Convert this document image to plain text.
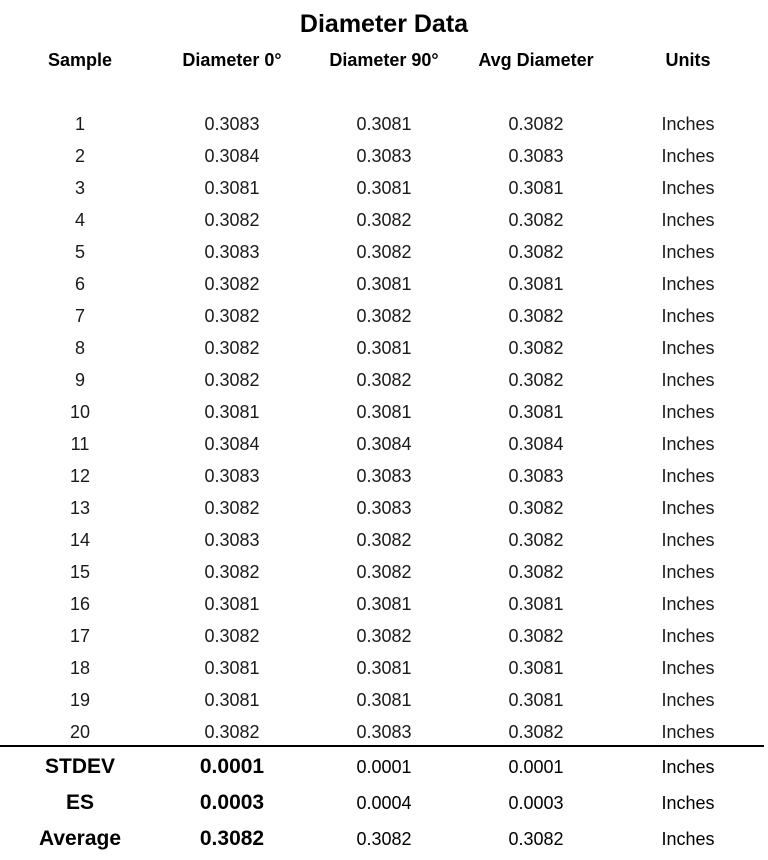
Diameter Data
Sample	Diameter 0°	Diameter 90°	Avg Diameter	Units
1	0.3083	0.3081	0.3082	Inches
2	0.3084	0.3083	0.3083	Inches
3	0.3081	0.3081	0.3081	Inches
4	0.3082	0.3082	0.3082	Inches
5	0.3083	0.3082	0.3082	Inches
6	0.3082	0.3081	0.3081	Inches
7	0.3082	0.3082	0.3082	Inches
8	0.3082	0.3081	0.3082	Inches
9	0.3082	0.3082	0.3082	Inches
10	0.3081	0.3081	0.3081	Inches
11	0.3084	0.3084	0.3084	Inches
12	0.3083	0.3083	0.3083	Inches
13	0.3082	0.3083	0.3082	Inches
14	0.3083	0.3082	0.3082	Inches
15	0.3082	0.3082	0.3082	Inches
16	0.3081	0.3081	0.3081	Inches
17	0.3082	0.3082	0.3082	Inches
18	0.3081	0.3081	0.3081	Inches
19	0.3081	0.3081	0.3081	Inches
20	0.3082	0.3083	0.3082	Inches
STDEV	0.0001	0.0001	0.0001	Inches
ES	0.0003	0.0004	0.0003	Inches
Average	0.3082	0.3082	0.3082	Inches
